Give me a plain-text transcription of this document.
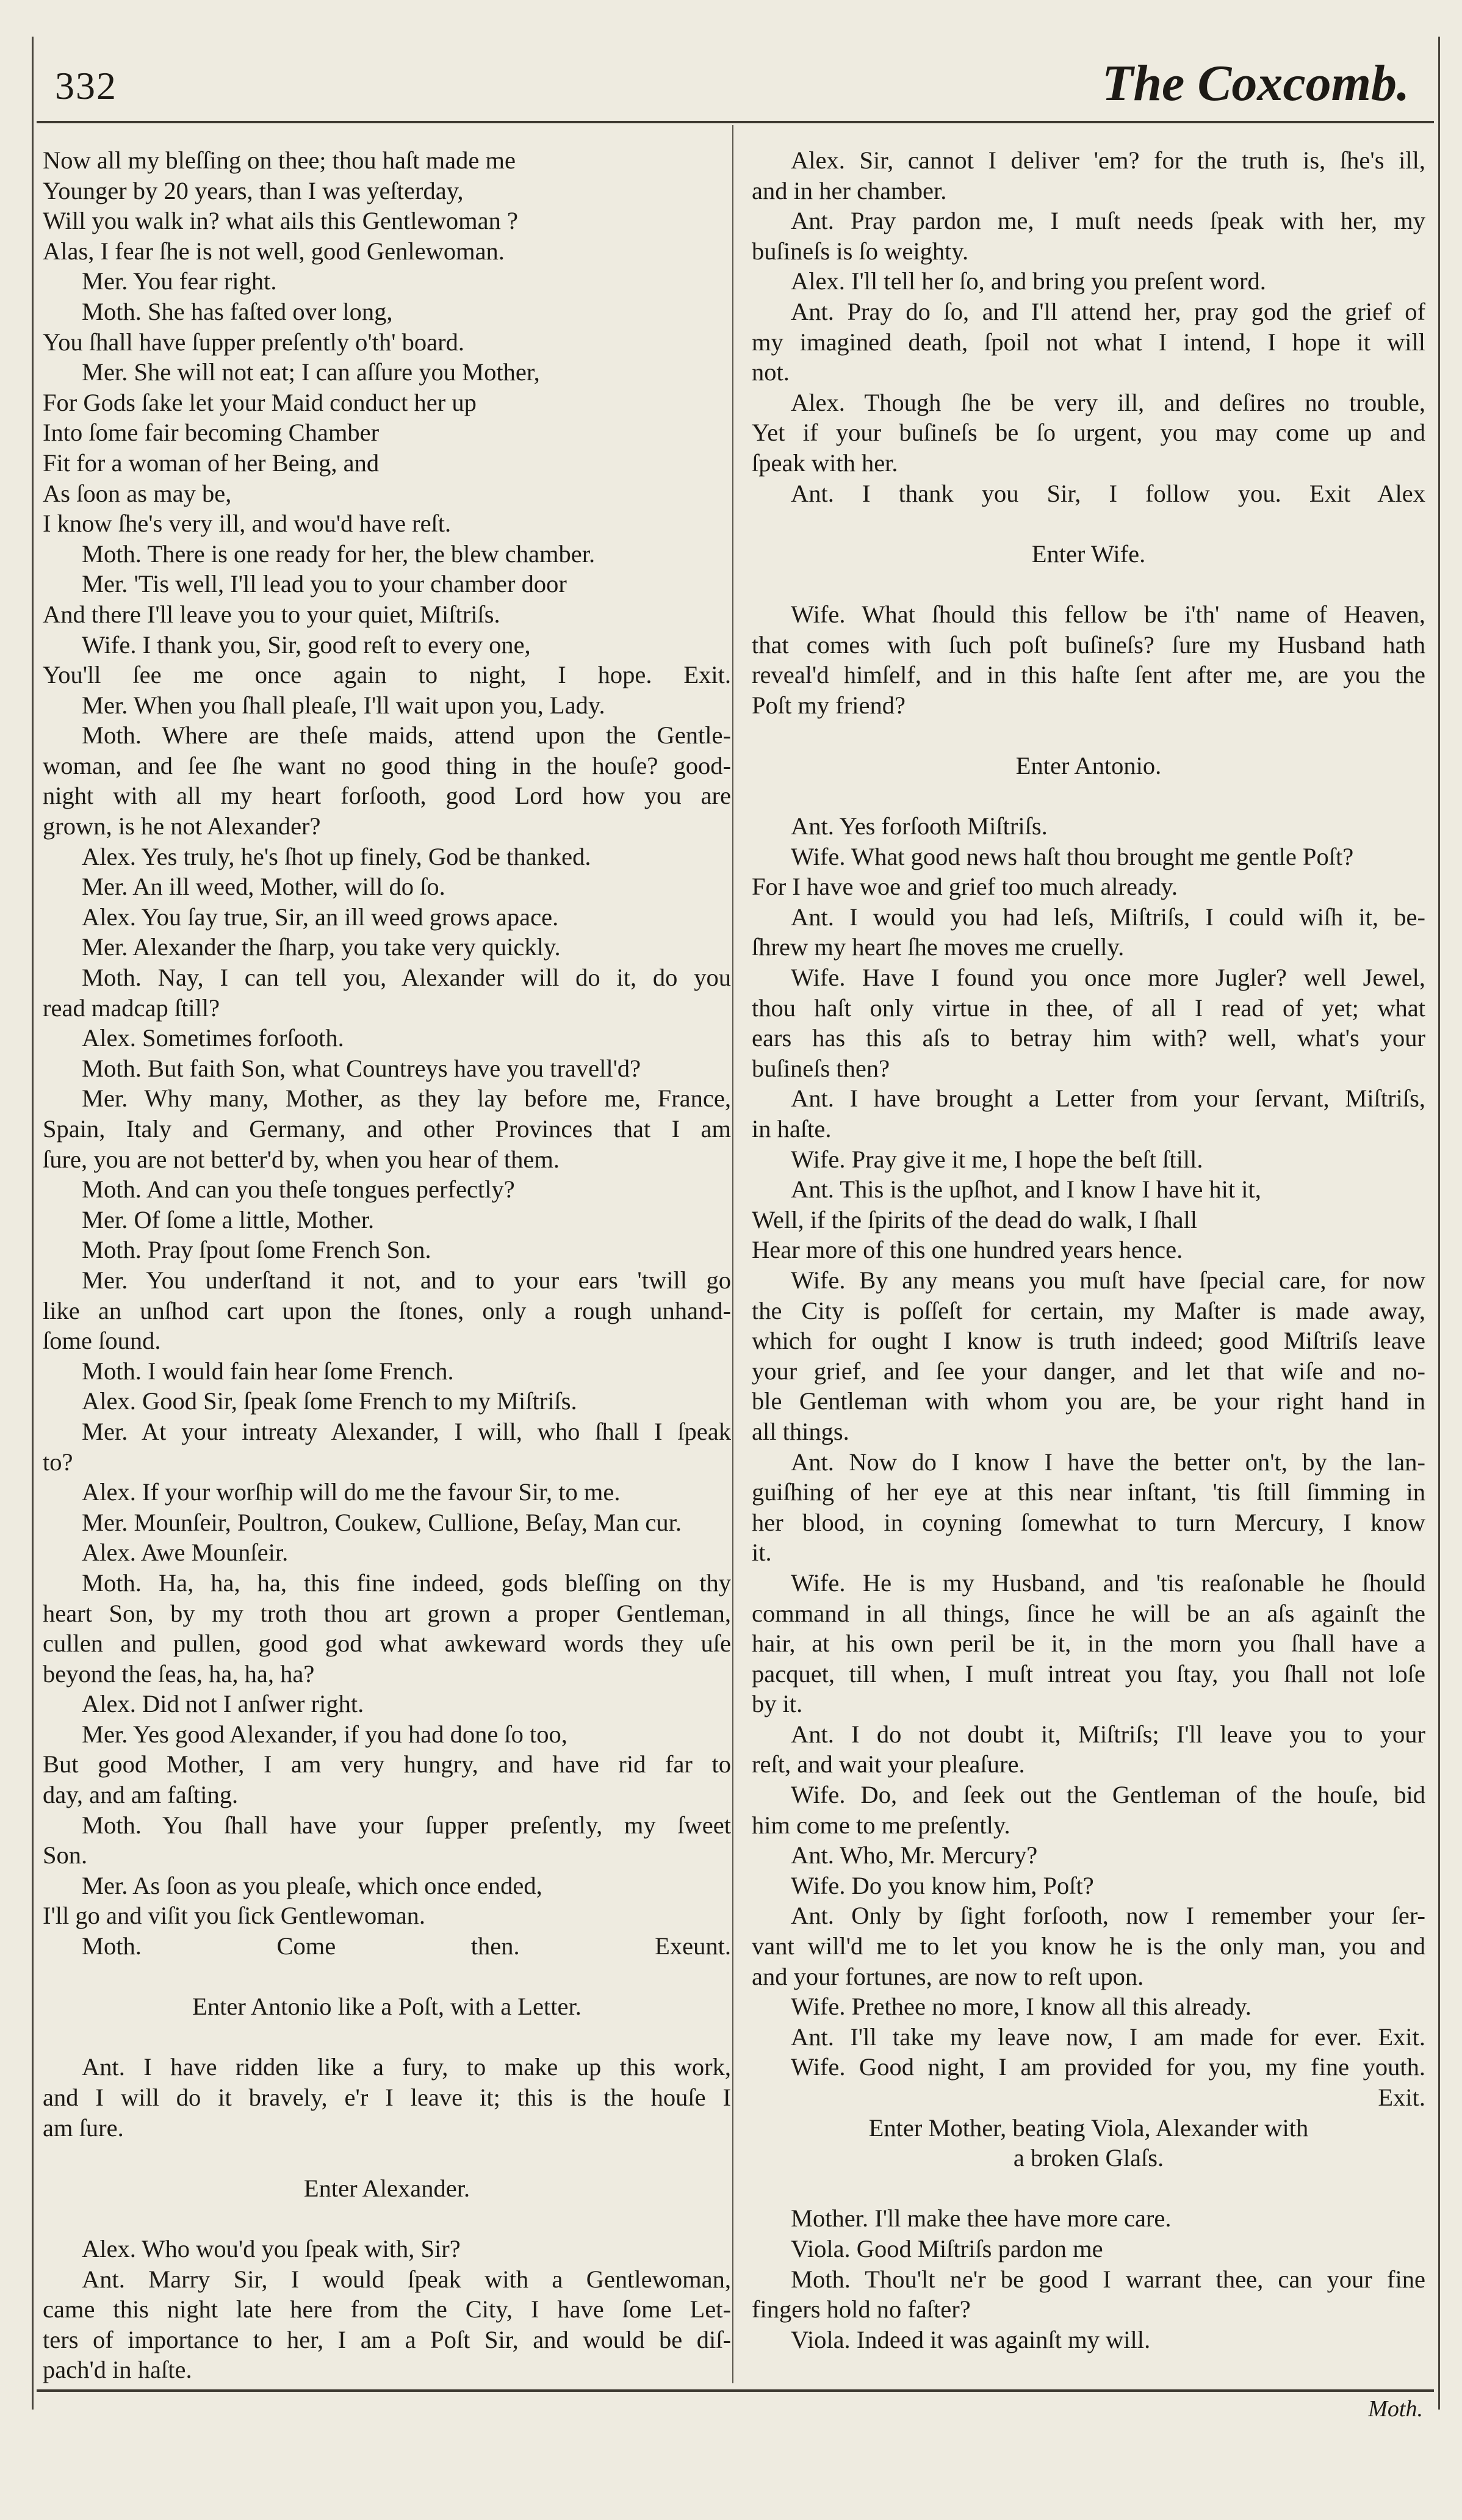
332	The Coxcomb.
Now all my bleſſing on thee; thou haſt made me
Younger by 20 years, than I was yeſterday,
Will you walk in? what ails this Gentlewoman ?
Alas, I fear ſhe is not well, good Genlewoman.
Mer. You fear right.
Moth. She has faſted over long,
You ſhall have ſupper preſently o'th' board.
Mer. She will not eat; I can aſſure you Mother,
For Gods ſake let your Maid conduct her up
Into ſome fair becoming Chamber
Fit for a woman of her Being, and
As ſoon as may be,
I know ſhe's very ill, and wou'd have reſt.
Moth. There is one ready for her, the blew chamber.
Mer. 'Tis well, I'll lead you to your chamber door
And there I'll leave you to your quiet, Miſtriſs.
Wife. I thank you, Sir, good reſt to every one,
You'll ſee me once again to night, I hope. Exit.
Mer. When you ſhall pleaſe, I'll wait upon you, Lady.
Moth. Where are theſe maids, attend upon the Gentle-
woman, and ſee ſhe want no good thing in the houſe? good-
night with all my heart forſooth, good Lord how you are
grown, is he not Alexander?
Alex. Yes truly, he's ſhot up finely, God be thanked.
Mer. An ill weed, Mother, will do ſo.
Alex. You ſay true, Sir, an ill weed grows apace.
Mer. Alexander the ſharp, you take very quickly.
Moth. Nay, I can tell you, Alexander will do it, do you
read madcap ſtill?
Alex. Sometimes forſooth.
Moth. But faith Son, what Countreys have you travell'd?
Mer. Why many, Mother, as they lay before me, France,
Spain, Italy and Germany, and other Provinces that I am
ſure, you are not better'd by, when you hear of them.
Moth. And can you theſe tongues perfectly?
Mer. Of ſome a little, Mother.
Moth. Pray ſpout ſome French Son.
Mer. You underſtand it not, and to your ears 'twill go
like an unſhod cart upon the ſtones, only a rough unhand-
ſome ſound.
Moth. I would fain hear ſome French.
Alex. Good Sir, ſpeak ſome French to my Miſtriſs.
Mer. At your intreaty Alexander, I will, who ſhall I ſpeak
to?
Alex. If your worſhip will do me the favour Sir, to me.
Mer. Mounſeir, Poultron, Coukew, Cullione, Beſay, Man cur.
Alex. Awe Mounſeir.
Moth. Ha, ha, ha, this fine indeed, gods bleſſing on thy
heart Son, by my troth thou art grown a proper Gentleman,
cullen and pullen, good god what awkeward words they uſe
beyond the ſeas, ha, ha, ha?
Alex. Did not I anſwer right.
Mer. Yes good Alexander, if you had done ſo too,
But good Mother, I am very hungry, and have rid far to
day, and am faſting.
Moth. You ſhall have your ſupper preſently, my ſweet
Son.
Mer. As ſoon as you pleaſe, which once ended,
I'll go and viſit you ſick Gentlewoman.
Moth. Come then. Exeunt.
Enter Antonio like a Poſt, with a Letter.
Ant. I have ridden like a fury, to make up this work,
and I will do it bravely, e'r I leave it; this is the houſe I
am ſure.
Enter Alexander.
Alex. Who wou'd you ſpeak with, Sir?
Ant. Marry Sir, I would ſpeak with a Gentlewoman,
came this night late here from the City, I have ſome Let-
ters of importance to her, I am a Poſt Sir, and would be diſ-
pach'd in haſte.
Alex. Sir, cannot I deliver 'em? for the truth is, ſhe's ill,
and in her chamber.
Ant. Pray pardon me, I muſt needs ſpeak with her, my
buſineſs is ſo weighty.
Alex. I'll tell her ſo, and bring you preſent word.
Ant. Pray do ſo, and I'll attend her, pray god the grief of
my imagined death, ſpoil not what I intend, I hope it will
not.
Alex. Though ſhe be very ill, and deſires no trouble,
Yet if your buſineſs be ſo urgent, you may come up and
ſpeak with her.
Ant. I thank you Sir, I follow you. Exit Alex
Enter Wife.
Wife. What ſhould this fellow be i'th' name of Heaven,
that comes with ſuch poſt buſineſs? ſure my Husband hath
reveal'd himſelf, and in this haſte ſent after me, are you the
Poſt my friend?
Enter Antonio.
Ant. Yes forſooth Miſtriſs.
Wife. What good news haſt thou brought me gentle Poſt?
For I have woe and grief too much already.
Ant. I would you had leſs, Miſtriſs, I could wiſh it, be-
ſhrew my heart ſhe moves me cruelly.
Wife. Have I found you once more Jugler? well Jewel,
thou haſt only virtue in thee, of all I read of yet; what
ears has this aſs to betray him with? well, what's your
buſineſs then?
Ant. I have brought a Letter from your ſervant, Miſtriſs,
in haſte.
Wife. Pray give it me, I hope the beſt ſtill.
Ant. This is the upſhot, and I know I have hit it,
Well, if the ſpirits of the dead do walk, I ſhall
Hear more of this one hundred years hence.
Wife. By any means you muſt have ſpecial care, for now
the City is poſſeſt for certain, my Maſter is made away,
which for ought I know is truth indeed; good Miſtriſs leave
your grief, and ſee your danger, and let that wiſe and no-
ble Gentleman with whom you are, be your right hand in
all things.
Ant. Now do I know I have the better on't, by the lan-
guiſhing of her eye at this near inſtant, 'tis ſtill ſimming in
her blood, in coyning ſomewhat to turn Mercury, I know
it.
Wife. He is my Husband, and 'tis reaſonable he ſhould
command in all things, ſince he will be an aſs againſt the
hair, at his own peril be it, in the morn you ſhall have a
pacquet, till when, I muſt intreat you ſtay, you ſhall not loſe
by it.
Ant. I do not doubt it, Miſtriſs; I'll leave you to your
reſt, and wait your pleaſure.
Wife. Do, and ſeek out the Gentleman of the houſe, bid
him come to me preſently.
Ant. Who, Mr. Mercury?
Wife. Do you know him, Poſt?
Ant. Only by ſight forſooth, now I remember your ſer-
vant will'd me to let you know he is the only man, you and
and your fortunes, are now to reſt upon.
Wife. Prethee no more, I know all this already.
Ant. I'll take my leave now, I am made for ever. Exit.
Wife. Good night, I am provided for you, my fine youth.
Exit.
Enter Mother, beating Viola, Alexander with
a broken Glaſs.
Mother. I'll make thee have more care.
Viola. Good Miſtriſs pardon me
Moth. Thou'lt ne'r be good I warrant thee, can your fine
fingers hold no faſter?
Viola. Indeed it was againſt my will.
Moth.
